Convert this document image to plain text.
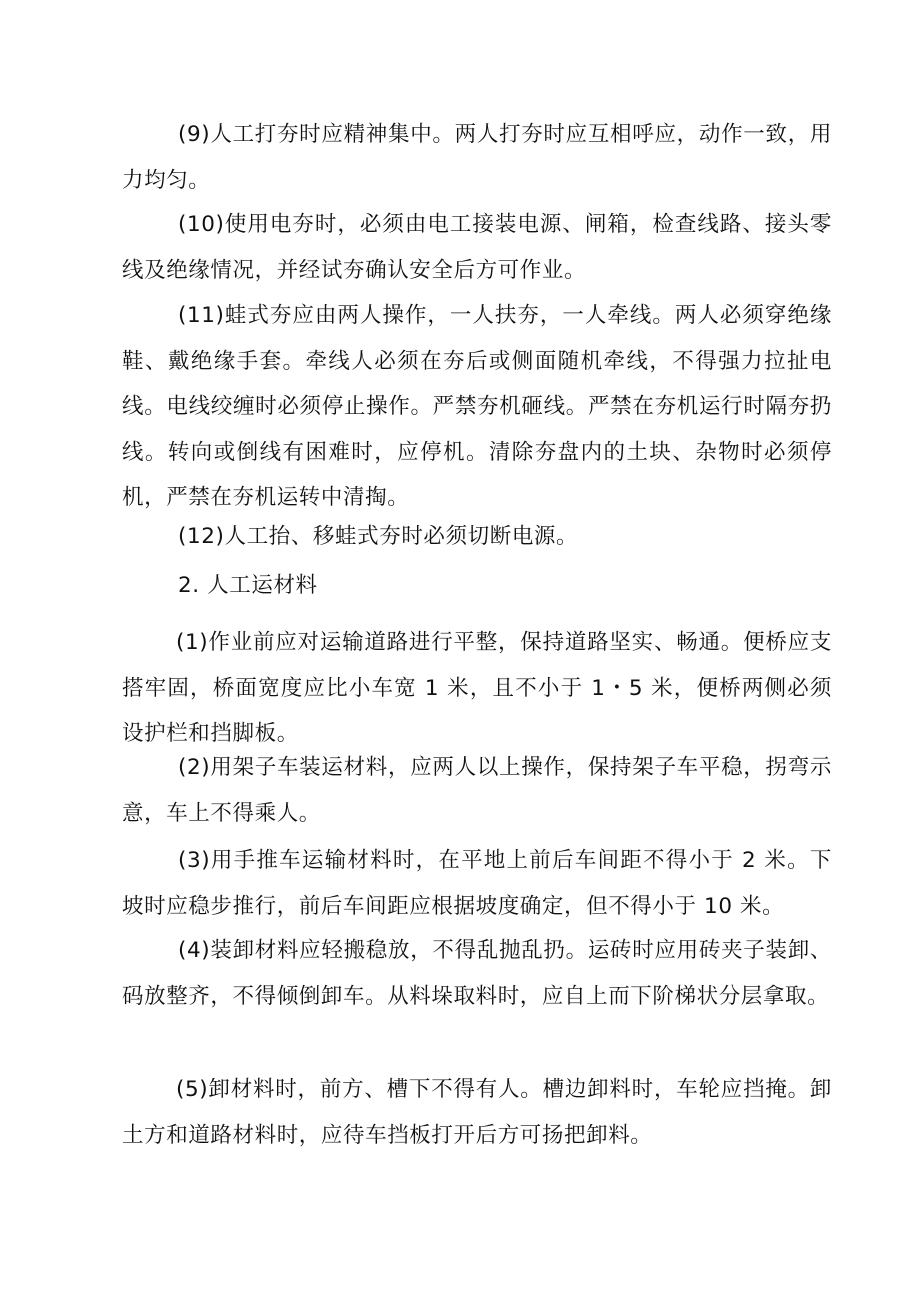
(9)人工打夯时应精神集中。两人打夯时应互相呼应，动作一致，用力均匀。

(10)使用电夯时，必须由电工接装电源、闸箱，检查线路、接头零线及绝缘情况，并经试夯确认安全后方可作业。

(11)蛙式夯应由两人操作，一人扶夯，一人牵线。两人必须穿绝缘鞋、戴绝缘手套。牵线人必须在夯后或侧面随机牵线，不得强力拉扯电线。电线绞缠时必须停止操作。严禁夯机砸线。严禁在夯机运行时隔夯扔线。转向或倒线有困难时，应停机。清除夯盘内的土块、杂物时必须停机，严禁在夯机运转中清掏。

(12)人工抬、移蛙式夯时必须切断电源。

2. 人工运材料

(1)作业前应对运输道路进行平整，保持道路坚实、畅通。便桥应支搭牢固，桥面宽度应比小车宽 1 米，且不小于 1・5 米，便桥两侧必须设护栏和挡脚板。

(2)用架子车装运材料，应两人以上操作，保持架子车平稳，拐弯示意，车上不得乘人。

(3)用手推车运输材料时，在平地上前后车间距不得小于 2 米。下坡时应稳步推行，前后车间距应根据坡度确定，但不得小于 10 米。

(4)装卸材料应轻搬稳放，不得乱抛乱扔。运砖时应用砖夹子装卸、码放整齐，不得倾倒卸车。从料垛取料时，应自上而下阶梯状分层拿取。

(5)卸材料时，前方、槽下不得有人。槽边卸料时，车轮应挡掩。卸土方和道路材料时，应待车挡板打开后方可扬把卸料。
